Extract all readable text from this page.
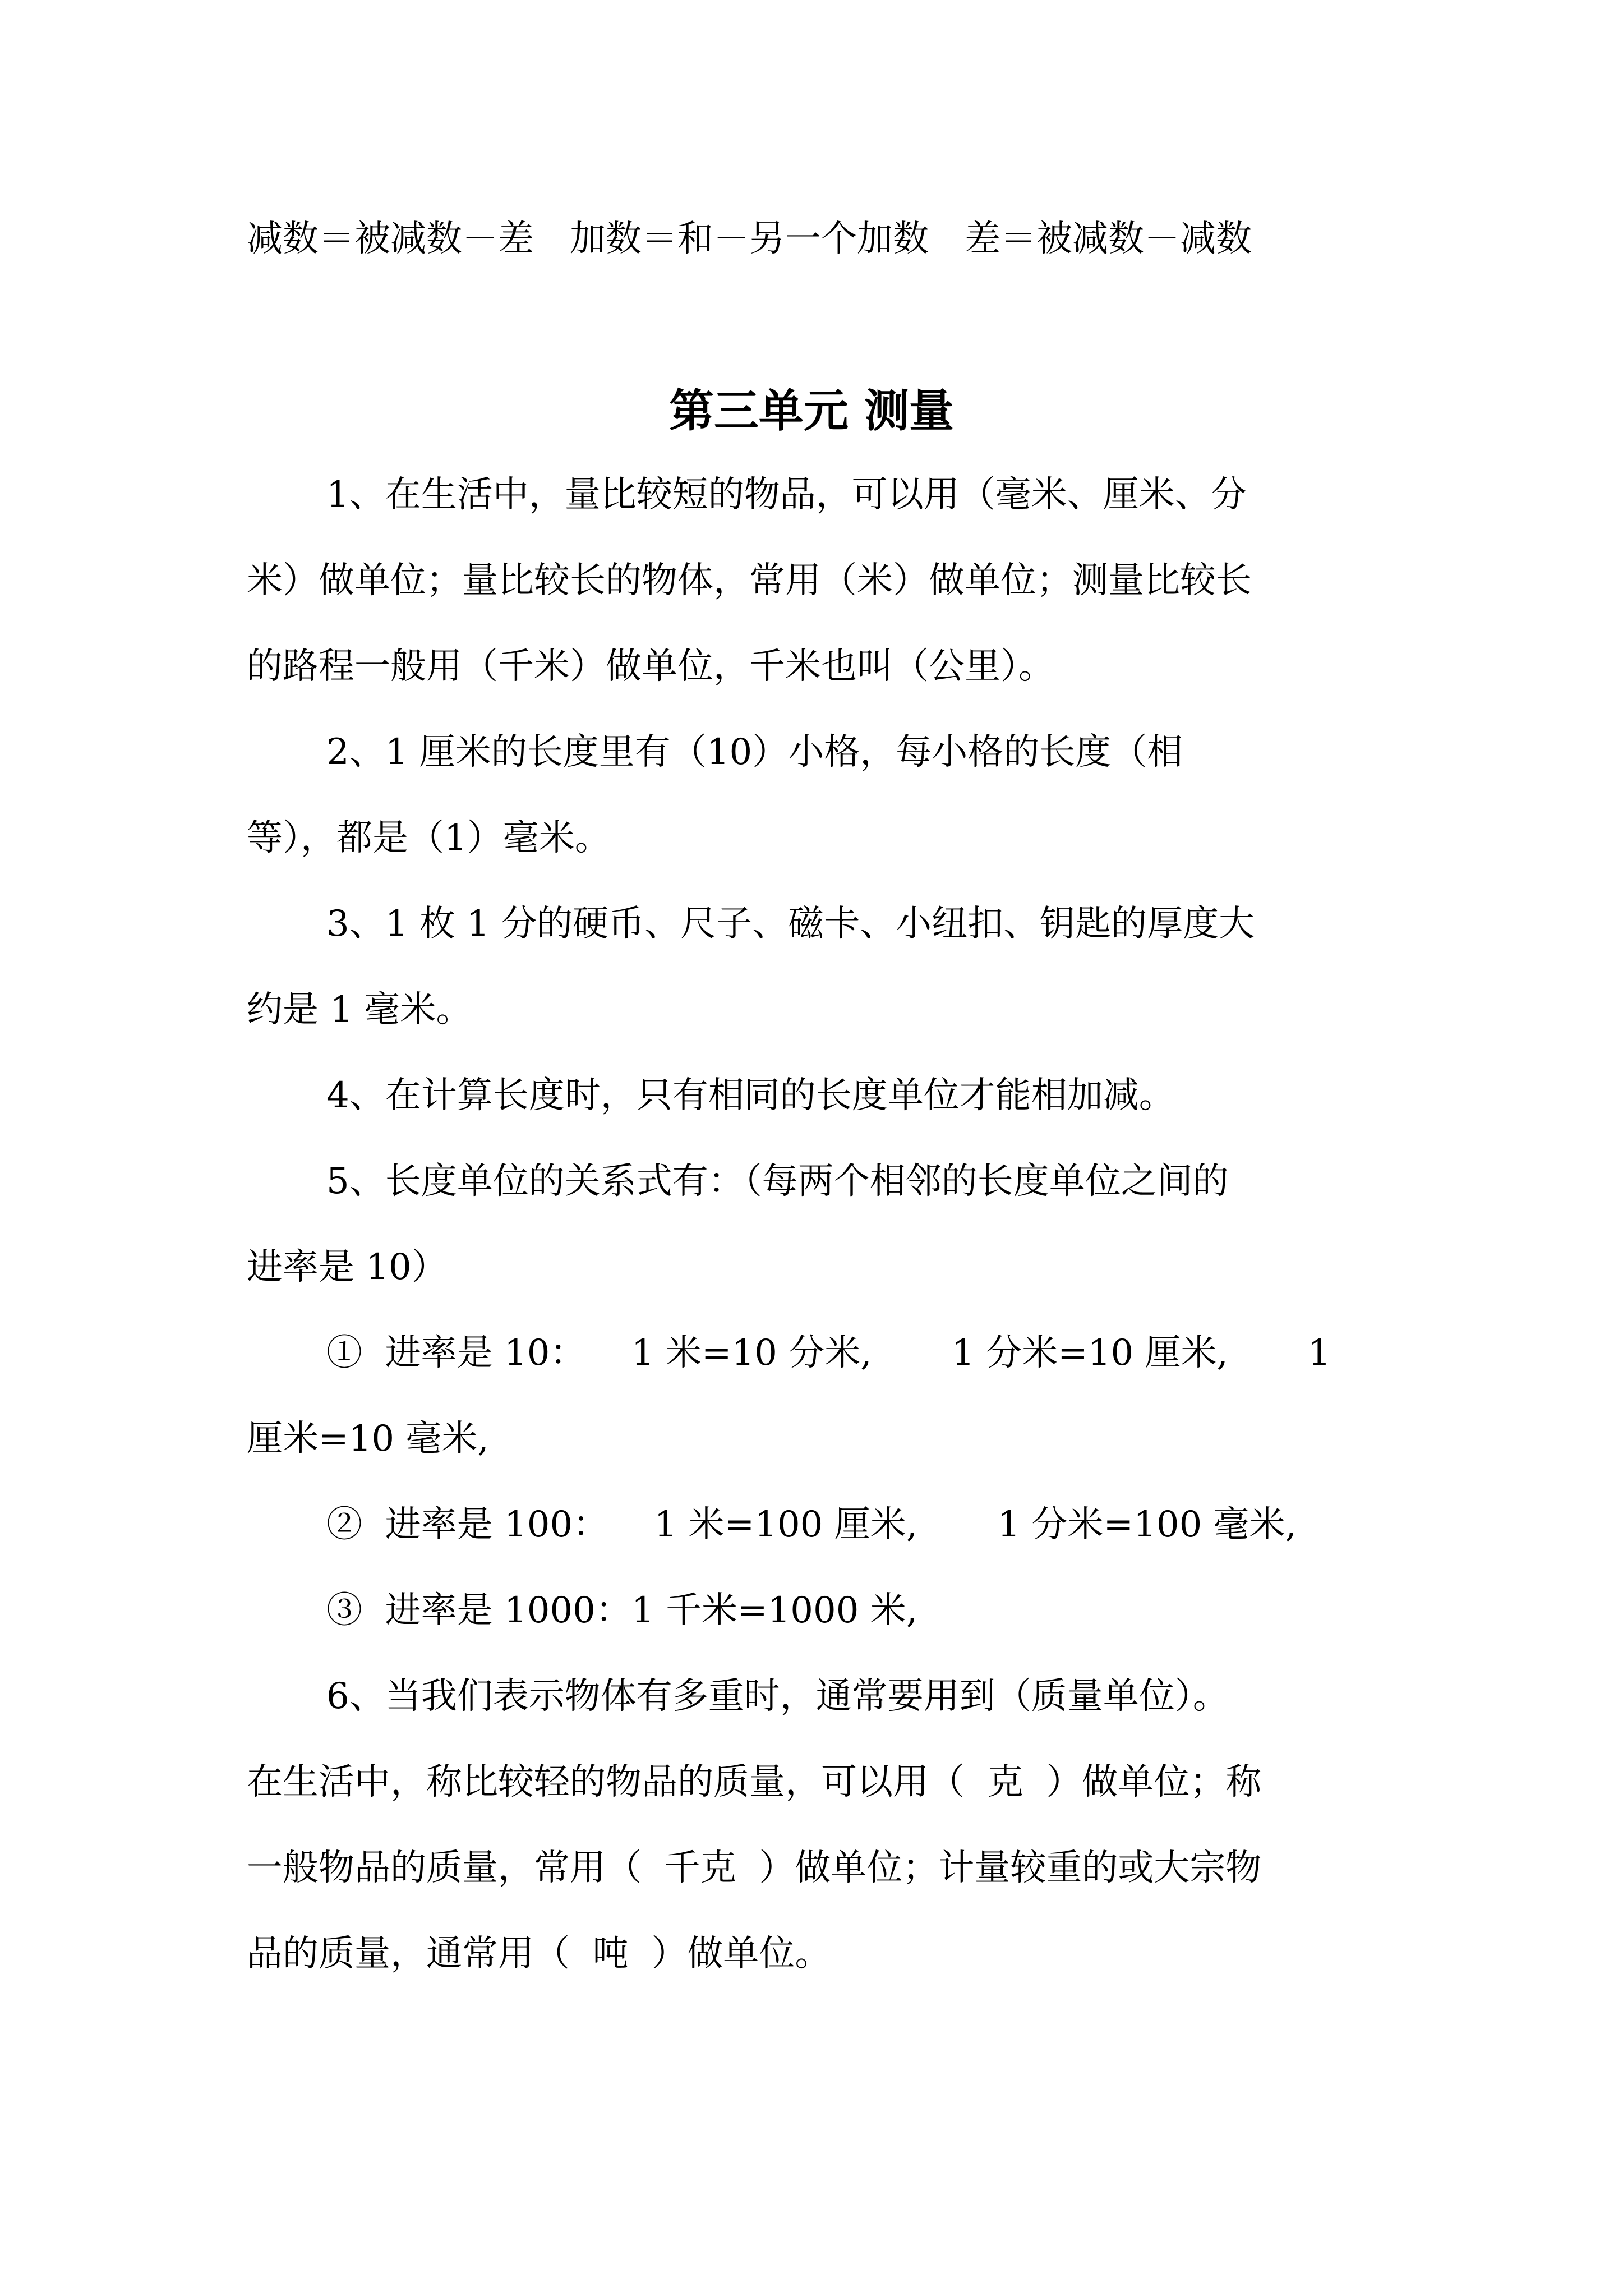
减数＝被减数－差　加数＝和－另一个加数　差＝被减数－减数
第三单元 测量
1、在生活中，量比较短的物品，可以用（毫米、厘米、分
米）做单位；量比较长的物体，常用（米）做单位；测量比较长
的路程一般用（千米）做单位，千米也叫（公里）。
2、1 厘米的长度里有（10）小格，每小格的长度（相
等），都是（1）毫米。
3、1 枚 1 分的硬币、尺子、磁卡、小纽扣、钥匙的厚度大
约是 1 毫米。
4、在计算长度时，只有相同的长度单位才能相加减。
5、长度单位的关系式有：（每两个相邻的长度单位之间的
进率是 10）
①  进率是 10：    1 米=10 分米,       1 分米=10 厘米,       1
厘米=10 毫米,
②  进率是 100：    1 米=100 厘米,       1 分米=100 毫米,
③  进率是 1000：1 千米=1000 米,
6、当我们表示物体有多重时，通常要用到（质量单位）。
在生活中，称比较轻的物品的质量，可以用（  克  ）做单位；称
一般物品的质量，常用（  千克  ）做单位；计量较重的或大宗物
品的质量，通常用（  吨  ）做单位。
